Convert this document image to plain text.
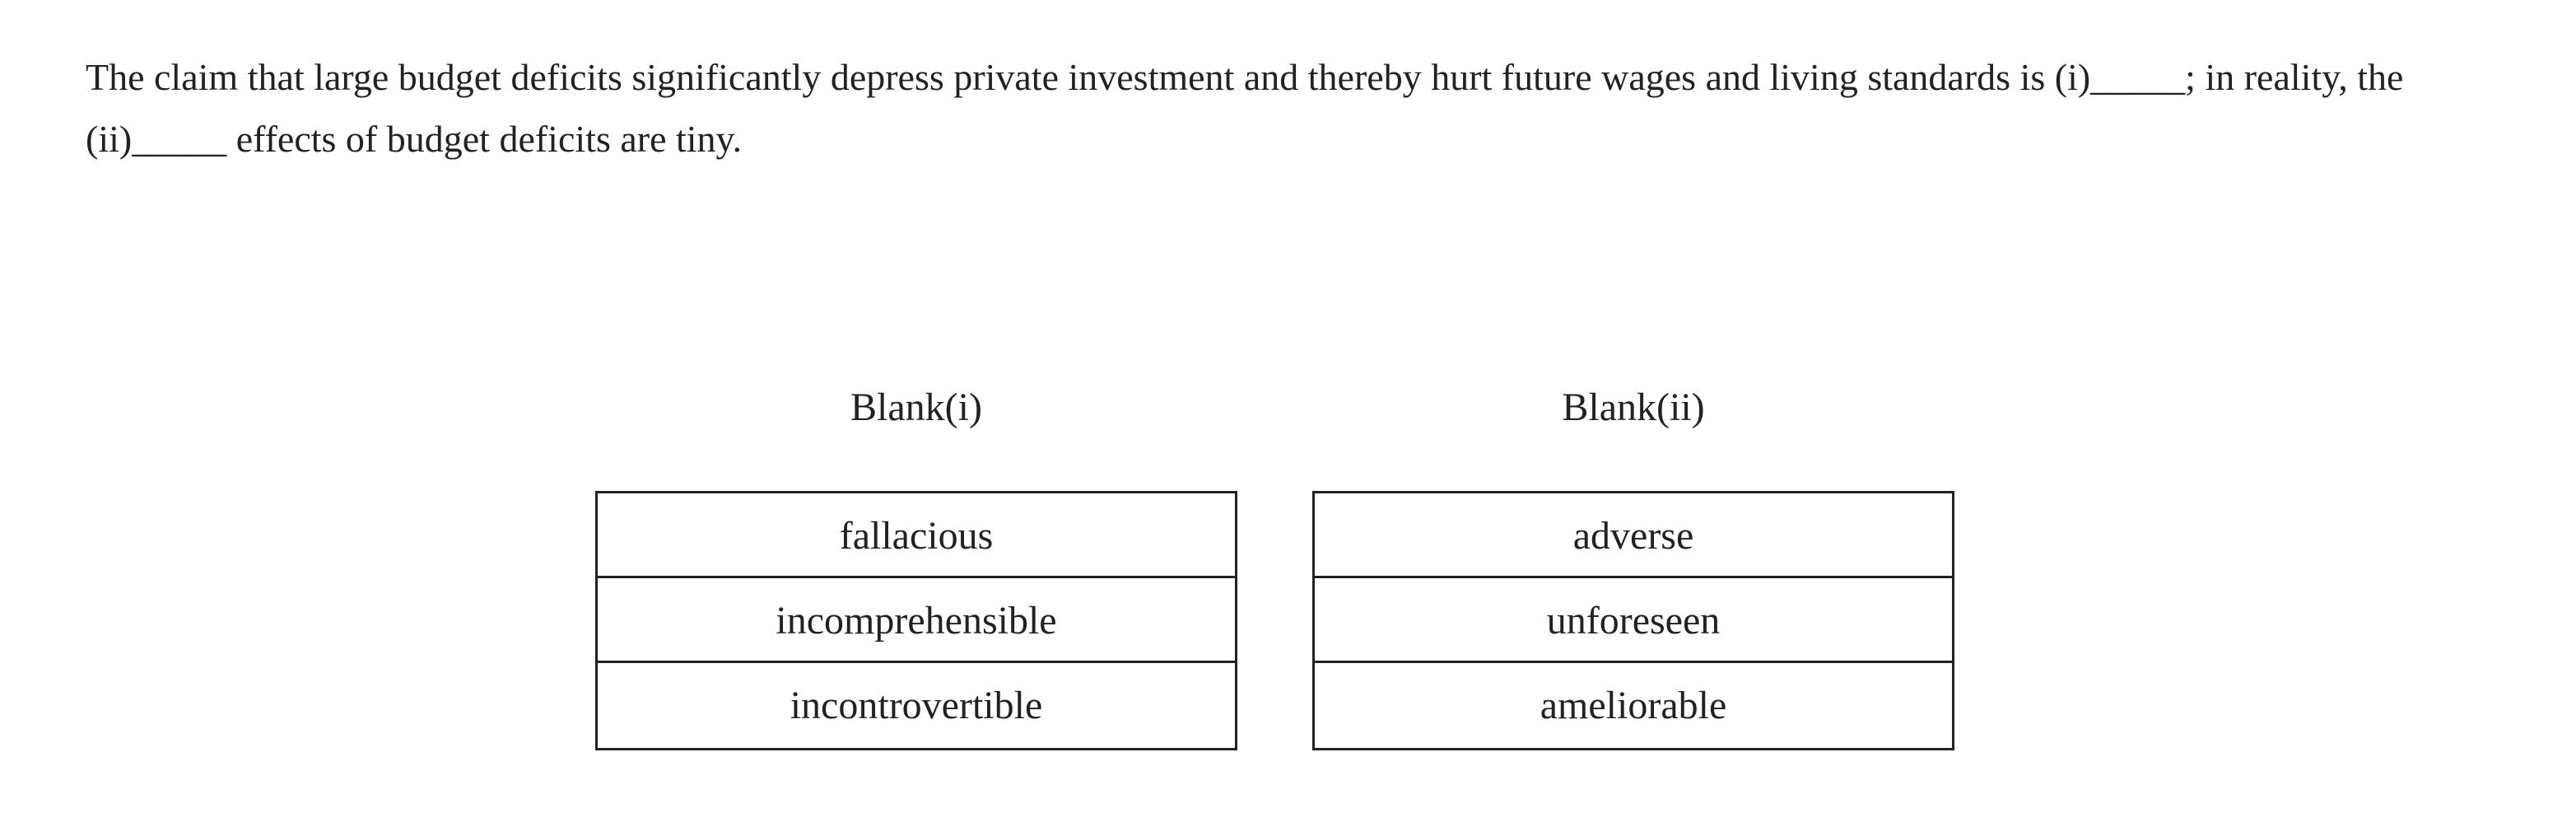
The claim that large budget deficits significantly depress private investment and thereby hurt future wages and living standards is (i)_____; in reality, the (ii)_____ effects of budget deficits are tiny.

Blank(i)
fallacious
incomprehensible
incontrovertible
Blank(ii)
adverse
unforeseen
ameliorable
